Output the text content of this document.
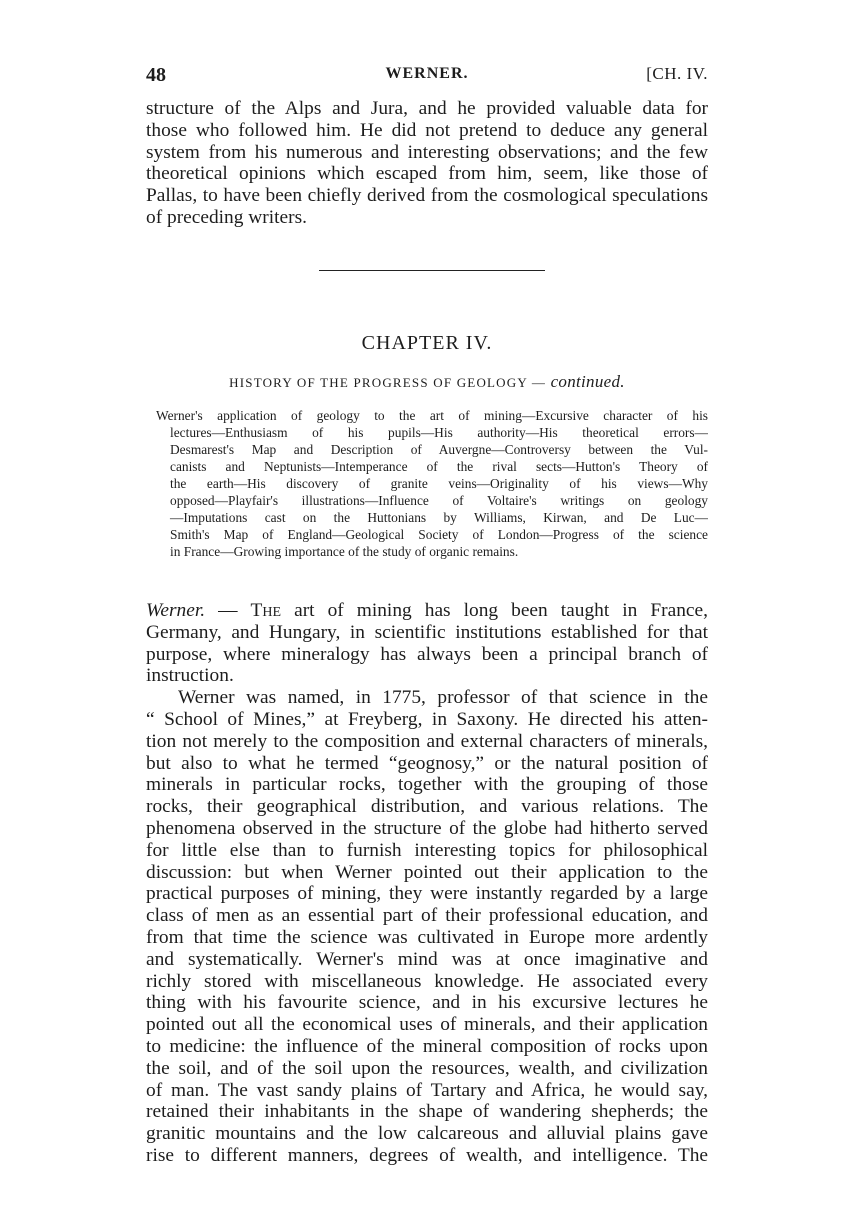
48	WERNER.	[CH. IV.
structure of the Alps and Jura, and he provided valuable data for
those who followed him. He did not pretend to deduce any general
system from his numerous and interesting observations; and the few
theoretical opinions which escaped from him, seem, like those of
Pallas, to have been chiefly derived from the cosmological speculations
of preceding writers.
CHAPTER IV.
HISTORY OF THE PROGRESS OF GEOLOGY — continued.
Werner's application of geology to the art of mining—Excursive character of his
lectures—Enthusiasm of his pupils—His authority—His theoretical errors—
Desmarest's Map and Description of Auvergne—Controversy between the Vul-
canists and Neptunists—Intemperance of the rival sects—Hutton's Theory of
the earth—His discovery of granite veins—Originality of his views—Why
opposed—Playfair's illustrations—Influence of Voltaire's writings on geology
—Imputations cast on the Huttonians by Williams, Kirwan, and De Luc—
Smith's Map of England—Geological Society of London—Progress of the science
in France—Growing importance of the study of organic remains.
Werner. — The art of mining has long been taught in France,
Germany, and Hungary, in scientific institutions established for that
purpose, where mineralogy has always been a principal branch of
instruction.
Werner was named, in 1775, professor of that science in the
“ School of Mines,” at Freyberg, in Saxony. He directed his atten-
tion not merely to the composition and external characters of minerals,
but also to what he termed “geognosy,” or the natural position of
minerals in particular rocks, together with the grouping of those
rocks, their geographical distribution, and various relations. The
phenomena observed in the structure of the globe had hitherto served
for little else than to furnish interesting topics for philosophical
discussion: but when Werner pointed out their application to the
practical purposes of mining, they were instantly regarded by a large
class of men as an essential part of their professional education, and
from that time the science was cultivated in Europe more ardently
and systematically. Werner's mind was at once imaginative and
richly stored with miscellaneous knowledge. He associated every
thing with his favourite science, and in his excursive lectures he
pointed out all the economical uses of minerals, and their application
to medicine: the influence of the mineral composition of rocks upon
the soil, and of the soil upon the resources, wealth, and civilization
of man. The vast sandy plains of Tartary and Africa, he would say,
retained their inhabitants in the shape of wandering shepherds; the
granitic mountains and the low calcareous and alluvial plains gave
rise to different manners, degrees of wealth, and intelligence. The
